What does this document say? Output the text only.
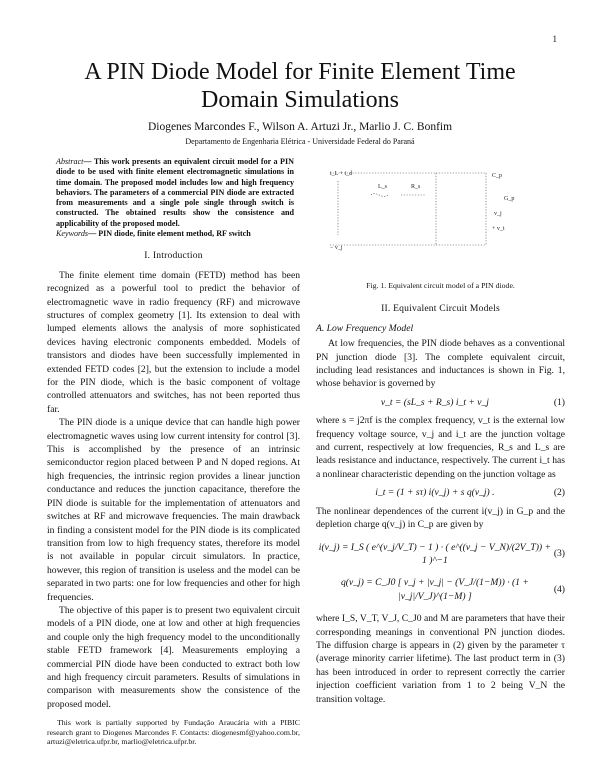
1
A PIN Diode Model for Finite Element Time
Domain Simulations
Diogenes Marcondes F., Wilson A. Artuzi Jr., Marlio J. C. Bonfim
Departamento de Engenharia Elétrica - Universidade Federal do Paraná
Abstract— This work presents an equivalent circuit model for a PIN diode to be used with finite element electromagnetic simulations in time domain. The proposed model includes low and high frequency behaviors. The parameters of a commercial PIN diode are extracted from measurements and a single pole single through switch is constructed. The obtained results show the consistence and applicability of the proposed model.
Keywords— PIN diode, finite element method, RF switch
I. Introduction

The finite element time domain (FETD) method has been recognized as a powerful tool to predict the behavior of electromagnetic wave in radio frequency (RF) and microwave structures of complex geometry [1]. Its extension to deal with lumped elements allows the analysis of more sophisticated devices having electronic components embedded. Models of transistors and diodes have been successfully implemented in extended FETD codes [2], but the extension to include a model for the PIN diode, which is the basic component of voltage controlled attenuators and switches, has not been reported thus far.

The PIN diode is a unique device that can handle high power electromagnetic waves using low current intensity for control [3]. This is accomplished by the presence of an intrinsic semiconductor region placed between P and N doped regions. At high frequencies, the intrinsic region provides a linear junction conductance and reduces the junction capacitance, therefore the PIN diode is suitable for the implementation of attenuators and switches at RF and microwave frequencies. The main drawback in finding a consistent model for the PIN diode is its complicated transition from low to high frequency states, therefore its model is not available in popular circuit simulators. In practice, however, this region of transition is useless and the model can be separated in two parts: one for low frequencies and other for high frequencies.

The objective of this paper is to present two equivalent circuit models of a PIN diode, one at low and other at high frequencies and couple only the high frequency model to the unconditionally stable FETD framework [4]. Measurements employing a commercial PIN diode have been conducted to extract both low and high frequency circuit parameters. Results of simulations in comparison with measurements show the consistence of the proposed model.

This work is partially supported by Fundação Araucária with a PIBIC research grant to Diogenes Marcondes F. Contacts: diogenesmf@yahoo.com.br, artuzi@eletrica.ufpr.br, marlio@eletrica.ufpr.br.
i_L + i_d
L_s	R_s
C_p
G_p
v_j
+ v_t
− v_j
Fig. 1. Equivalent circuit model of a PIN diode.
II. Equivalent Circuit Models
A. Low Frequency Model

At low frequencies, the PIN diode behaves as a conventional PN junction diode [3]. The complete equivalent circuit, including lead resistances and inductances is shown in Fig. 1, whose behavior is governed by

v_t = (sL_s + R_s) i_t + v_j	(1)

where s = j2πf is the complex frequency, v_t is the external low frequency voltage source, v_j and i_t are the junction voltage and current, respectively at low frequencies, R_s and L_s are leads resistance and inductance, respectively. The current i_t has a nonlinear characteristic depending on the junction voltage as

i_t = (1 + sτ) i(v_j) + s q(v_j) .	(2)

The nonlinear dependences of the current i(v_j) in G_p and the depletion charge q(v_j) in C_p are given by

i(v_j) = I_S ( e^(v_j/V_T) − 1 ) · ( e^((v_j − V_N)/(2V_T)) + 1 )^−1
(3)
q(v_j) = C_J0 [ v_j + |v_j| − (V_J/(1−M)) · (1 + |v_j|/V_J)^(1−M) ]
(4)

where I_S, V_T, V_J, C_J0 and M are parameters that have their corresponding meanings in conventional PN junction diodes. The diffusion charge is appears in (2) given by the parameter τ (average minority carrier lifetime). The last product term in (3) has been introduced in order to represent correctly the carrier injection coefficient variation from 1 to 2 being V_N the transition voltage.
